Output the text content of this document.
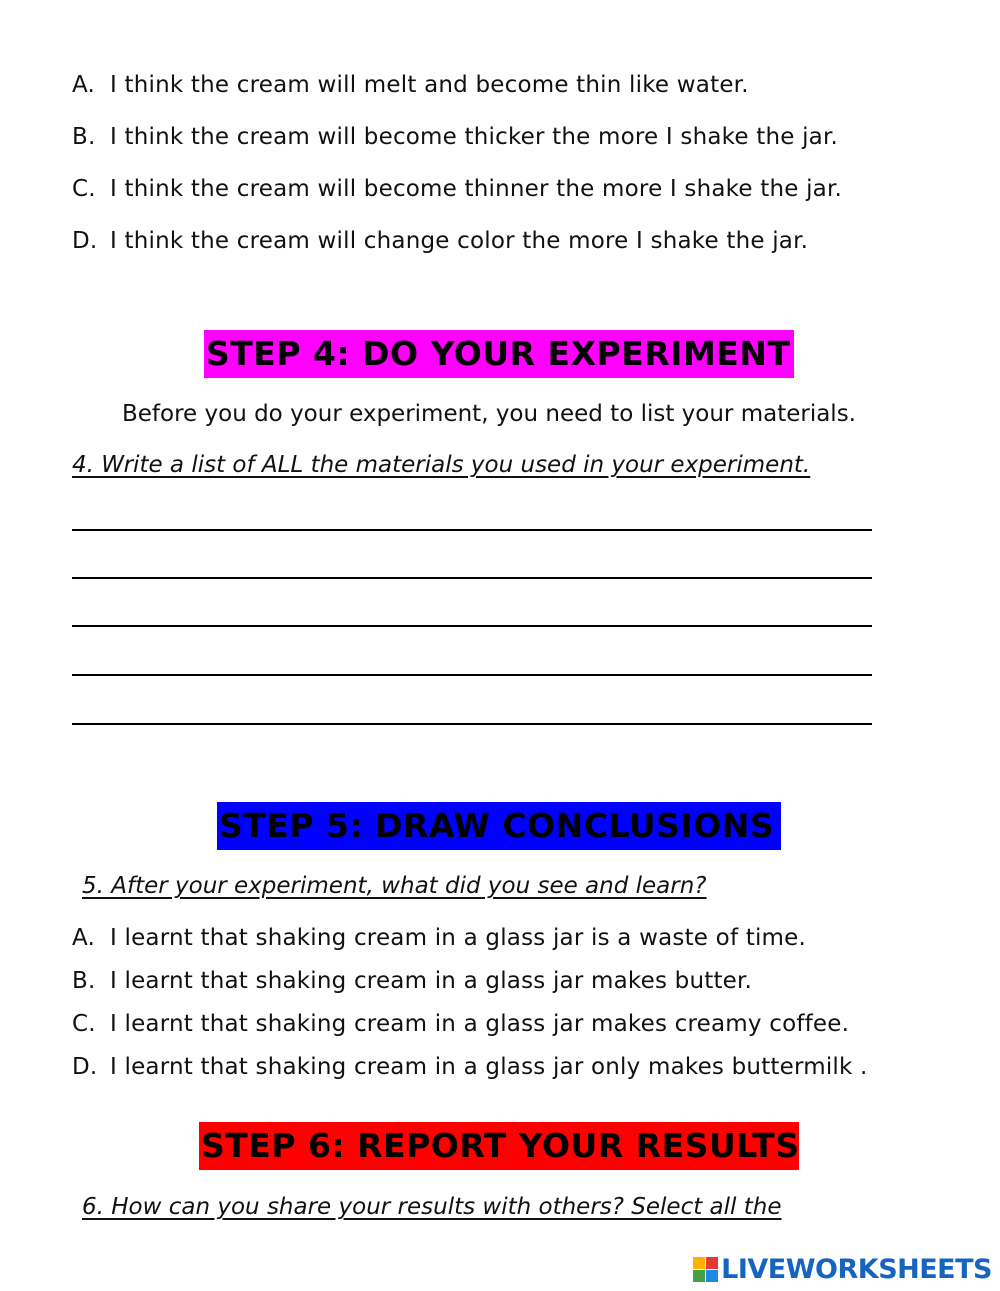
A. I think the cream will melt and become thin like water.
B. I think the cream will become thicker the more I shake the jar.
C. I think the cream will become thinner the more I shake the jar.
D. I think the cream will change color the more I shake the jar.
STEP 4: DO YOUR EXPERIMENT
Before you do your experiment, you need to list your materials.
4. Write a list of ALL the materials you used in your experiment.
STEP 5: DRAW CONCLUSIONS
5. After your experiment, what did you see and learn?
A. I learnt that shaking cream in a glass jar is a waste of time.
B. I learnt that shaking cream in a glass jar makes butter.
C. I learnt that shaking cream in a glass jar makes creamy coffee.
D. I learnt that shaking cream in a glass jar only makes buttermilk .
STEP 6: REPORT YOUR RESULTS
6. How can you share your results with others? Select all the
LIVEWORKSHEETS
